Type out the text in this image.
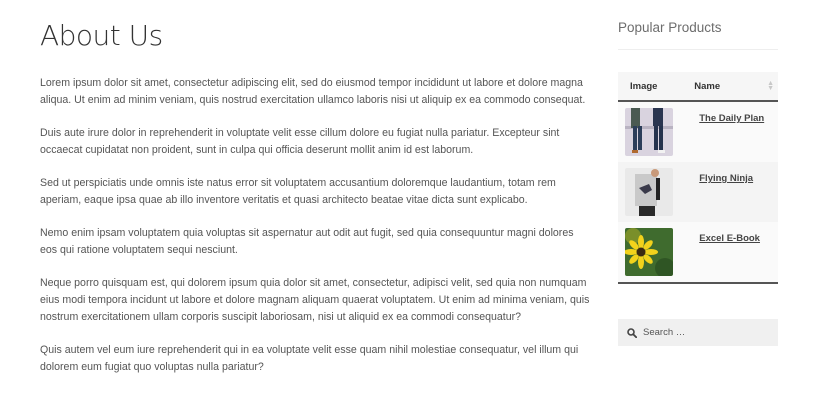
About Us

Lorem ipsum dolor sit amet, consectetur adipiscing elit, sed do eiusmod tempor incididunt ut labore et dolore magna aliqua. Ut enim ad minim veniam, quis nostrud exercitation ullamco laboris nisi ut aliquip ex ea commodo consequat.

Duis aute irure dolor in reprehenderit in voluptate velit esse cillum dolore eu fugiat nulla pariatur. Excepteur sint occaecat cupidatat non proident, sunt in culpa qui officia deserunt mollit anim id est laborum.

Sed ut perspiciatis unde omnis iste natus error sit voluptatem accusantium doloremque laudantium, totam rem aperiam, eaque ipsa quae ab illo inventore veritatis et quasi architecto beatae vitae dicta sunt explicabo.

Nemo enim ipsam voluptatem quia voluptas sit aspernatur aut odit aut fugit, sed quia consequuntur magni dolores eos qui ratione voluptatem sequi nesciunt.

Neque porro quisquam est, qui dolorem ipsum quia dolor sit amet, consectetur, adipisci velit, sed quia non numquam eius modi tempora incidunt ut labore et dolore magnam aliquam quaerat voluptatem. Ut enim ad minima veniam, quis nostrum exercitationem ullam corporis suscipit laboriosam, nisi ut aliquid ex ea commodi consequatur?

Quis autem vel eum iure reprehenderit qui in ea voluptate velit esse quam nihil molestiae consequatur, vel illum qui dolorem eum fugiat quo voluptas nulla pariatur?

Popular Products
Image	Name ▲
▼

	The Daily Plan

	Flying Ninja

	Excel E-Book
Search …
